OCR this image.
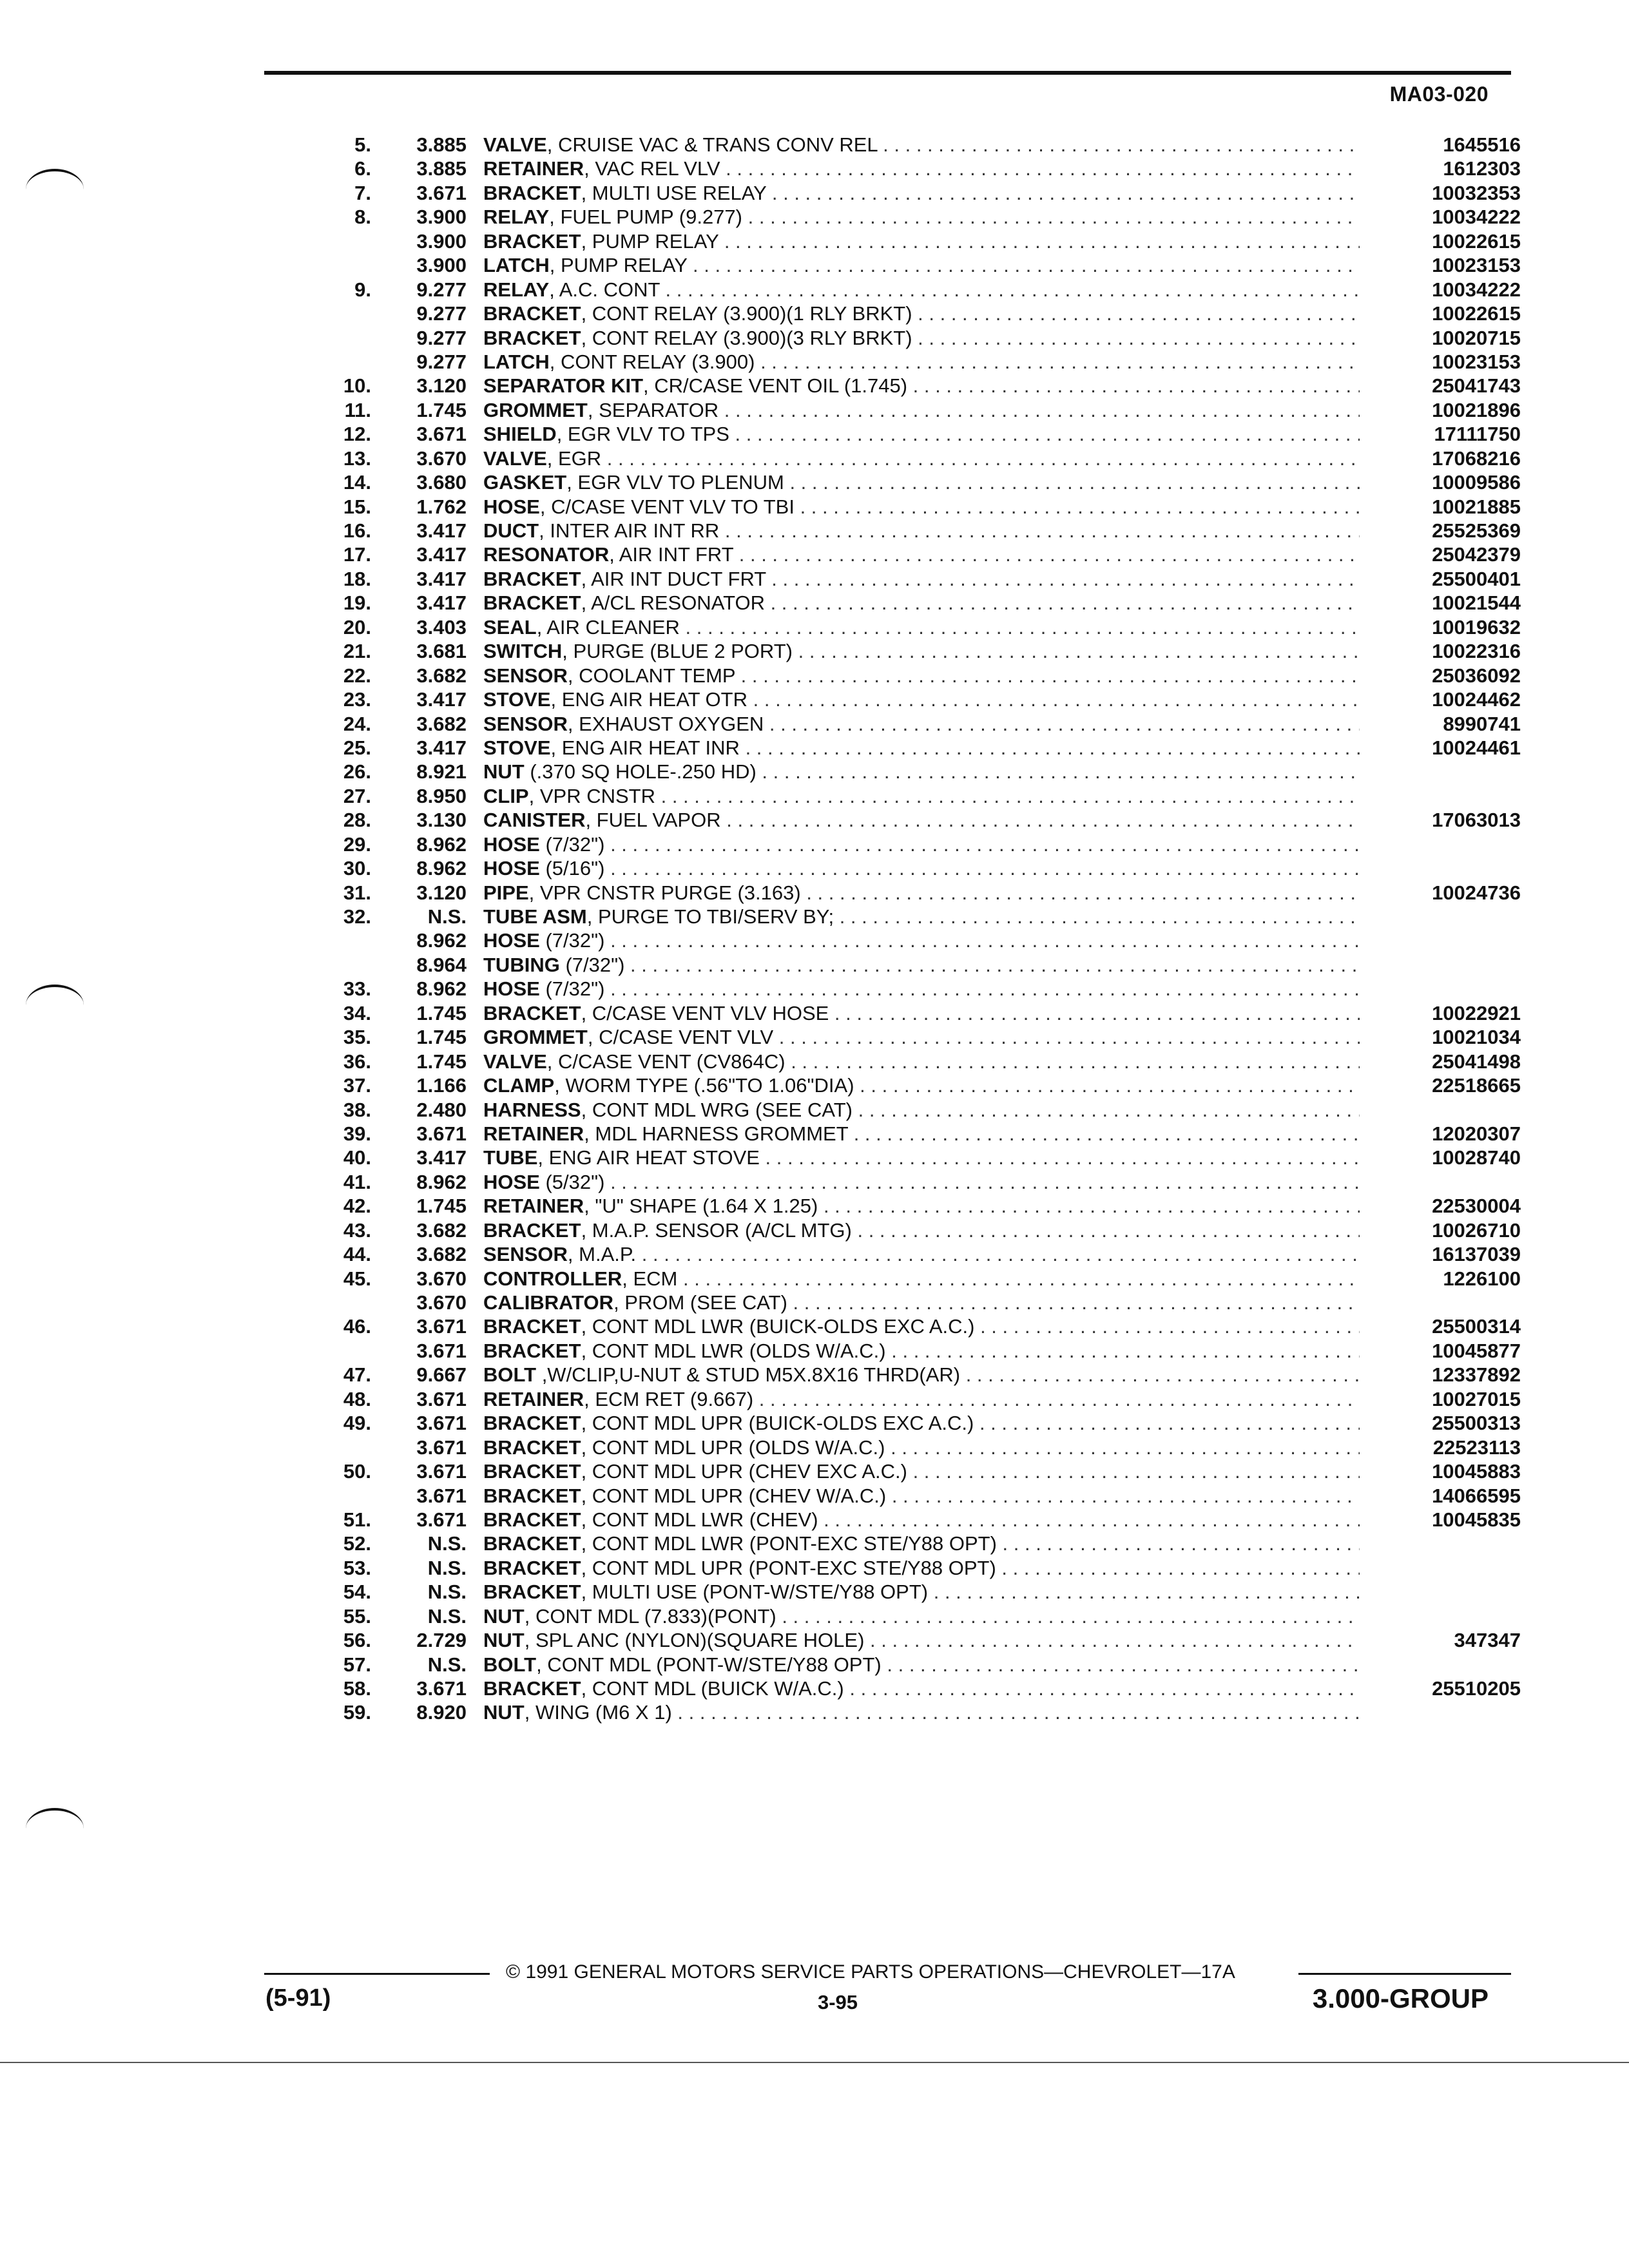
MA03-020
5.	3.885 VALVE, CRUISE VAC & TRANS CONV REL . . .	1645516
6.	3.885 RETAINER, VAC REL VLV . . .	1612303
7.	3.671 BRACKET, MULTI USE RELAY . . .	10032353
8.	3.900 RELAY, FUEL PUMP (9.277) . . .	10034222
3.900 BRACKET, PUMP RELAY . . .	10022615
3.900 LATCH, PUMP RELAY . . .	10023153
9.	9.277 RELAY, A.C. CONT . . .	10034222
9.277 BRACKET, CONT RELAY (3.900)(1 RLY BRKT) . . .	10022615
9.277 BRACKET, CONT RELAY (3.900)(3 RLY BRKT) . . .	10020715
9.277 LATCH, CONT RELAY (3.900) . . .	10023153
10.	3.120 SEPARATOR KIT, CR/CASE VENT OIL (1.745) . . .	25041743
11.	1.745 GROMMET, SEPARATOR . . .	10021896
12.	3.671 SHIELD, EGR VLV TO TPS . . .	17111750
13.	3.670 VALVE, EGR . . .	17068216
14.	3.680 GASKET, EGR VLV TO PLENUM . . .	10009586
15.	1.762 HOSE, C/CASE VENT VLV TO TBI . . .	10021885
16.	3.417 DUCT, INTER AIR INT RR . . .	25525369
17.	3.417 RESONATOR, AIR INT FRT . . .	25042379
18.	3.417 BRACKET, AIR INT DUCT FRT . . .	25500401
19.	3.417 BRACKET, A/CL RESONATOR . . .	10021544
20.	3.403 SEAL, AIR CLEANER . . .	10019632
21.	3.681 SWITCH, PURGE (BLUE 2 PORT) . . .	10022316
22.	3.682 SENSOR, COOLANT TEMP . . .	25036092
23.	3.417 STOVE, ENG AIR HEAT OTR . . .	10024462
24.	3.682 SENSOR, EXHAUST OXYGEN . . .	8990741
25.	3.417 STOVE, ENG AIR HEAT INR . . .	10024461
26.	8.921 NUT (.370 SQ HOLE-.250 HD) . . .
27.	8.950 CLIP, VPR CNSTR . . .
28.	3.130 CANISTER, FUEL VAPOR . . .	17063013
29.	8.962 HOSE (7/32") . . .
30.	8.962 HOSE (5/16") . . .
31.	3.120 PIPE, VPR CNSTR PURGE (3.163) . . .	10024736
32.	N.S. TUBE ASM, PURGE TO TBI/SERV BY; . . .
8.962 HOSE (7/32") . . .
8.964 TUBING (7/32") . . .
33.	8.962 HOSE (7/32") . . .
34.	1.745 BRACKET, C/CASE VENT VLV HOSE . . .	10022921
35.	1.745 GROMMET, C/CASE VENT VLV . . .	10021034
36.	1.745 VALVE, C/CASE VENT (CV864C) . . .	25041498
37.	1.166 CLAMP, WORM TYPE (.56"TO 1.06"DIA) . . .	22518665
38.	2.480 HARNESS, CONT MDL WRG (SEE CAT) . . .
39.	3.671 RETAINER, MDL HARNESS GROMMET . . .	12020307
40.	3.417 TUBE, ENG AIR HEAT STOVE . . .	10028740
41.	8.962 HOSE (5/32") . . .
42.	1.745 RETAINER, "U" SHAPE (1.64 X 1.25) . . .	22530004
43.	3.682 BRACKET, M.A.P. SENSOR (A/CL MTG) . . .	10026710
44.	3.682 SENSOR, M.A.P. . . .	16137039
45.	3.670 CONTROLLER, ECM . . .	1226100
3.670 CALIBRATOR, PROM (SEE CAT) . . .
46.	3.671 BRACKET, CONT MDL LWR (BUICK-OLDS EXC A.C.) . . .	25500314
3.671 BRACKET, CONT MDL LWR (OLDS W/A.C.) . . .	10045877
47.	9.667 BOLT ,W/CLIP,U-NUT & STUD M5X.8X16 THRD(AR) . . .	12337892
48.	3.671 RETAINER, ECM RET (9.667) . . .	10027015
49.	3.671 BRACKET, CONT MDL UPR (BUICK-OLDS EXC A.C.) . . .	25500313
3.671 BRACKET, CONT MDL UPR (OLDS W/A.C.) . . .	22523113
50.	3.671 BRACKET, CONT MDL UPR (CHEV EXC A.C.) . . .	10045883
3.671 BRACKET, CONT MDL UPR (CHEV W/A.C.) . . .	14066595
51.	3.671 BRACKET, CONT MDL LWR (CHEV) . . .	10045835
52.	N.S. BRACKET, CONT MDL LWR (PONT-EXC STE/Y88 OPT) . . .
53.	N.S. BRACKET, CONT MDL UPR (PONT-EXC STE/Y88 OPT) . . .
54.	N.S. BRACKET, MULTI USE (PONT-W/STE/Y88 OPT) . . .
55.	N.S. NUT, CONT MDL (7.833)(PONT) . . .
56.	2.729 NUT, SPL ANC (NYLON)(SQUARE HOLE) . . .	347347
57.	N.S. BOLT, CONT MDL (PONT-W/STE/Y88 OPT) . . .
58.	3.671 BRACKET, CONT MDL (BUICK W/A.C.) . . .	25510205
59.	8.920 NUT, WING (M6 X 1) . . .
© 1991 GENERAL MOTORS SERVICE PARTS OPERATIONS—CHEVROLET—17A
(5-91)	3-95	3.000-GROUP
